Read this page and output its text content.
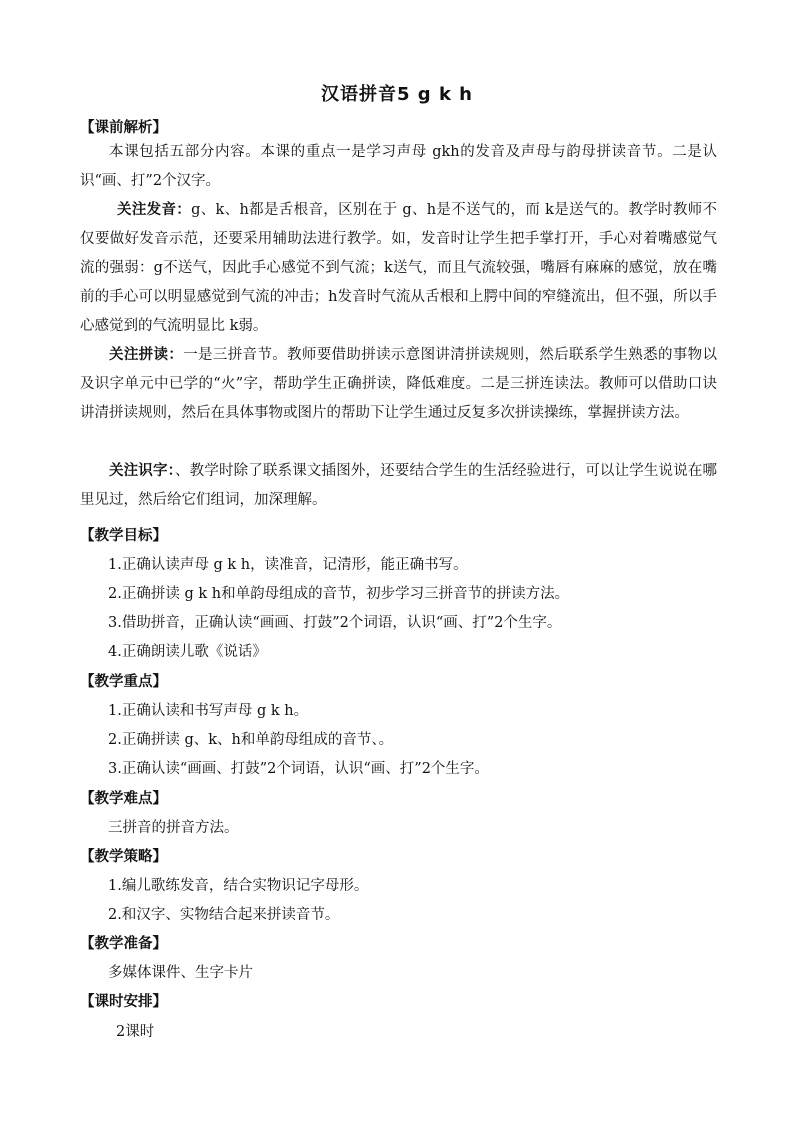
汉语拼音5 g k h
【课前解析】

本课包括五部分内容。本课的重点一是学习声母 gkh的发音及声母与韵母拼读音节。二是认识“画、打”2个汉字。

关注发音：g、k、h都是舌根音，区别在于 g、h是不送气的，而 k是送气的。教学时教师不仅要做好发音示范，还要采用辅助法进行教学。如，发音时让学生把手掌打开，手心对着嘴感觉气流的强弱：g不送气，因此手心感觉不到气流；k送气，而且气流较强，嘴唇有麻麻的感觉，放在嘴前的手心可以明显感觉到气流的冲击；h发音时气流从舌根和上腭中间的窄缝流出，但不强，所以手心感觉到的气流明显比 k弱。

关注拼读：一是三拼音节。教师要借助拼读示意图讲清拼读规则，然后联系学生熟悉的事物以及识字单元中已学的“火”字，帮助学生正确拼读，降低难度。二是三拼连读法。教师可以借助口诀讲清拼读规则，然后在具体事物或图片的帮助下让学生通过反复多次拼读操练，掌握拼读方法。

关注识字：、教学时除了联系课文插图外，还要结合学生的生活经验进行，可以让学生说说在哪里见过，然后给它们组词，加深理解。

【教学目标】
1.正确认读声母 g k h，读准音，记清形，能正确书写。
2.正确拼读 g k h和单韵母组成的音节，初步学习三拼音节的拼读方法。
3.借助拼音，正确认读“画画、打鼓”2个词语，认识“画、打”2个生字。
4.正确朗读儿歌《说话》
【教学重点】
1.正确认读和书写声母 g k h。
2.正确拼读 g、k、h和单韵母组成的音节、。
3.正确认读“画画、打鼓”2个词语，认识“画、打”2个生字。
【教学难点】
三拼音的拼音方法。
【教学策略】
1.编儿歌练发音，结合实物识记字母形。
2.和汉字、实物结合起来拼读音节。
【教学准备】
多媒体课件、生字卡片
【课时安排】
2课时
